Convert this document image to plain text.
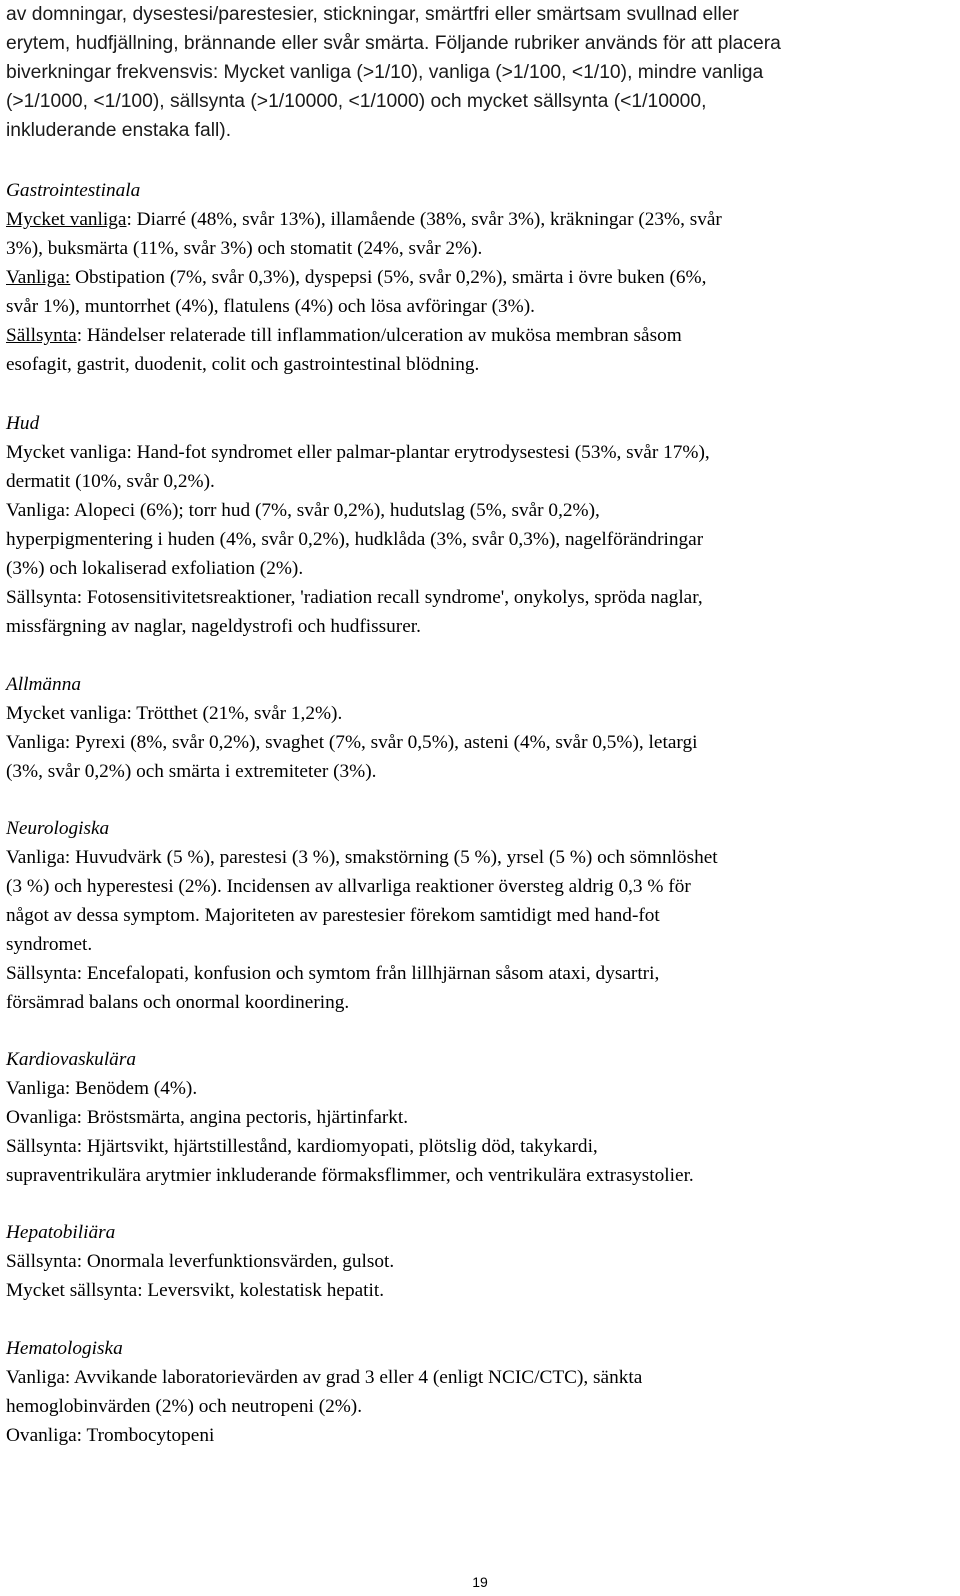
av domningar, dysestesi/parestesier, stickningar, smärtfri eller smärtsam svullnad eller
erytem, hudfjällning, brännande eller svår smärta. Följande rubriker används för att placera
biverkningar frekvensvis: Mycket vanliga (>1/10), vanliga (>1/100, <1/10), mindre vanliga
(>1/1000, <1/100), sällsynta (>1/10000, <1/1000) och mycket sällsynta (<1/10000,
inkluderande enstaka fall).
Gastrointestinala
Mycket vanliga: Diarré (48%, svår 13%), illamående (38%, svår 3%), kräkningar (23%, svår
3%), buksmärta (11%, svår 3%) och stomatit (24%, svår 2%).
Vanliga: Obstipation (7%, svår 0,3%), dyspepsi (5%, svår 0,2%), smärta i övre buken (6%,
svår 1%), muntorrhet (4%), flatulens (4%) och lösa avföringar (3%).
Sällsynta: Händelser relaterade till inflammation/ulceration av mukösa membran såsom
esofagit, gastrit, duodenit, colit och gastrointestinal blödning.
Hud
Mycket vanliga: Hand-fot syndromet eller palmar-plantar erytrodysestesi (53%, svår 17%),
dermatit (10%, svår 0,2%).
Vanliga: Alopeci (6%); torr hud (7%, svår 0,2%), hudutslag (5%, svår 0,2%),
hyperpigmentering i huden (4%, svår 0,2%), hudklåda (3%, svår 0,3%), nagelförändringar
(3%) och lokaliserad exfoliation (2%).
Sällsynta: Fotosensitivitetsreaktioner, 'radiation recall syndrome', onykolys, spröda naglar,
missfärgning av naglar, nageldystrofi och hudfissurer.
Allmänna
Mycket vanliga: Trötthet (21%, svår 1,2%).
Vanliga: Pyrexi (8%, svår 0,2%), svaghet (7%, svår 0,5%), asteni (4%, svår 0,5%), letargi
(3%, svår 0,2%) och smärta i extremiteter (3%).
Neurologiska
Vanliga: Huvudvärk (5 %), parestesi (3 %), smakstörning (5 %), yrsel (5 %) och sömnlöshet
(3 %) och hyperestesi (2%). Incidensen av allvarliga reaktioner översteg aldrig 0,3 % för
något av dessa symptom. Majoriteten av parestesier förekom samtidigt med hand-fot
syndromet.
Sällsynta: Encefalopati, konfusion och symtom från lillhjärnan såsom ataxi, dysartri,
försämrad balans och onormal koordinering.
Kardiovaskulära
Vanliga: Benödem (4%).
Ovanliga: Bröstsmärta, angina pectoris, hjärtinfarkt.
Sällsynta: Hjärtsvikt, hjärtstillestånd, kardiomyopati, plötslig död, takykardi,
supraventrikulära arytmier inkluderande förmaksflimmer, och ventrikulära extrasystolier.
Hepatobiliära
Sällsynta: Onormala leverfunktionsvärden, gulsot.
Mycket sällsynta: Leversvikt, kolestatisk hepatit.
Hematologiska
Vanliga: Avvikande laboratorievärden av grad 3 eller 4 (enligt NCIC/CTC), sänkta
hemoglobinvärden (2%) och neutropeni (2%).
Ovanliga: Trombocytopeni
19
